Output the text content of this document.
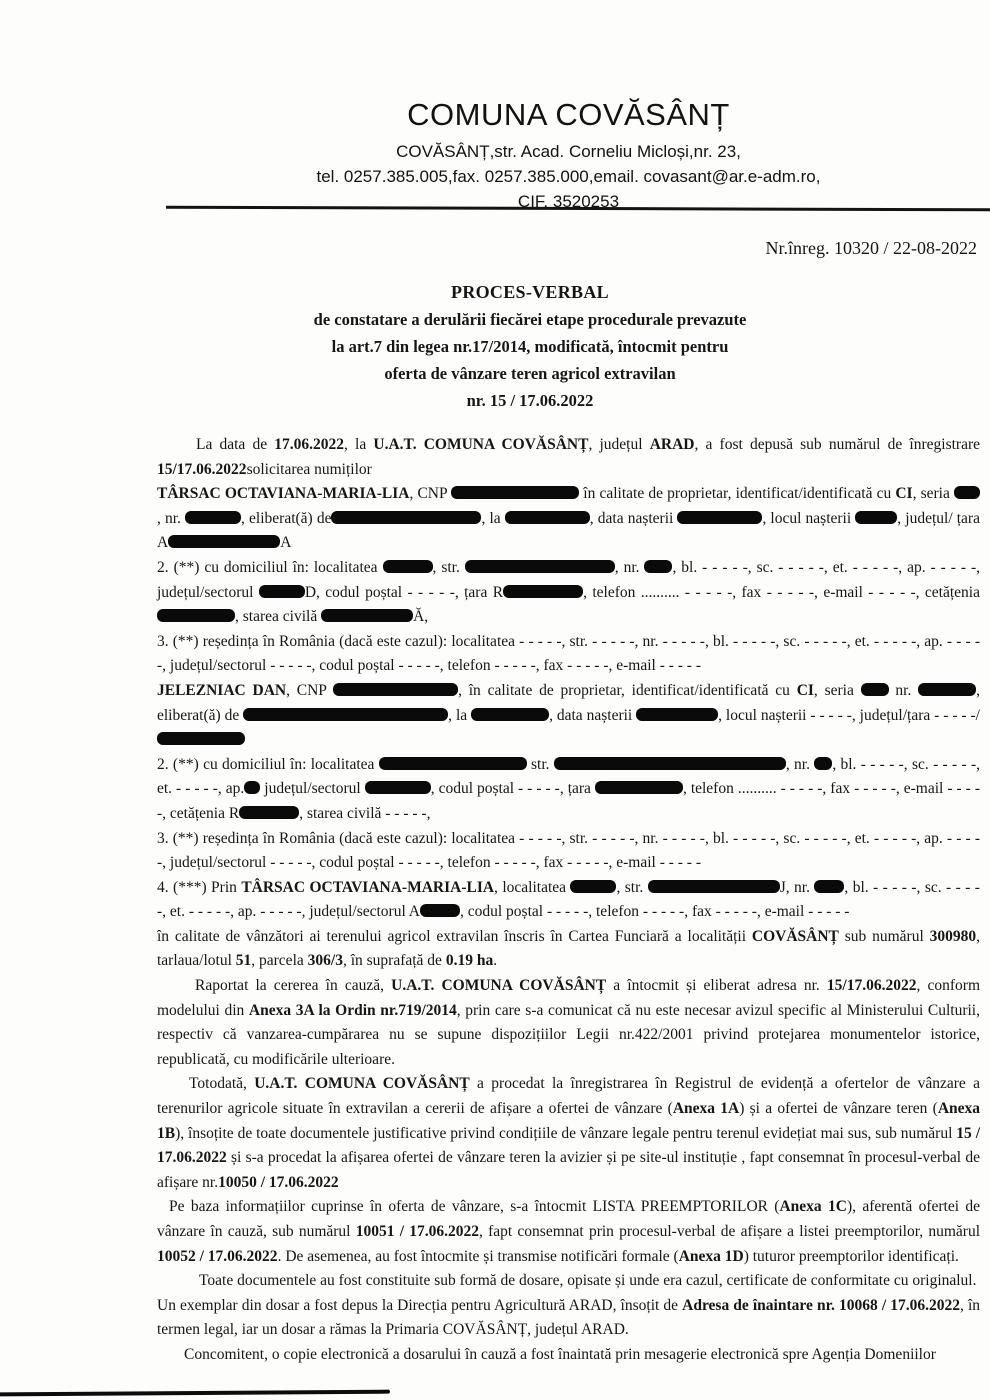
COMUNA COVĂSÂNȚ
COVĂSÂNȚ,str. Acad. Corneliu Micloși,nr. 23,
tel. 0257.385.005,fax. 0257.385.000,email. covasant@ar.e-adm.ro,
CIF. 3520253
Nr.înreg. 10320 / 22-08-2022
PROCES-VERBAL
de constatare a derulării fiecărei etape procedurale prevazute
la art.7 din legea nr.17/2014, modificată, întocmit pentru
oferta de vânzare teren agricol extravilan
nr. 15 / 17.06.2022

La data de 17.06.2022, la U.A.T. COMUNA COVĂSÂNȚ, județul ARAD, a fost depusă sub numărul de înregistrare 15/17.06.2022solicitarea numiților

TÂRSAC OCTAVIANA-MARIA-LIA, CNP	în calitate de proprietar, identificat/identificată cu CI, seria , nr.	, eliberat(ă) de	, la	, data nașterii	, locul nașterii	, județul/ țara A	A

2. (**) cu domiciliul în: localitatea	, str.	, nr. , bl. - - - - -, sc. - - - - -, et. - - - - -, ap. - - - - -, județul/sectorul	D, codul poștal - - - - -, țara R	, telefon .......... - - - - -, fax - - - - -, e-mail - - - - -, cetățenia , starea civilă	Ă,

3. (**) reședința în România (dacă este cazul): localitatea - - - - -, str. - - - - -, nr. - - - - -, bl. - - - - -, sc. - - - - -, et. - - - - -, ap. - - - - -, județul/sectorul - - - - -, codul poștal - - - - -, telefon - - - - -, fax - - - - -, e-mail - - - - -

JELEZNIAC DAN, CNP	, în calitate de proprietar, identificat/identificată cu CI, seria  nr.	, eliberat(ă) de	, la	, data nașterii	, locul nașterii - - - - -, județul/țara - - - - -/

2. (**) cu domiciliul în: localitatea	str.	, nr. , bl. - - - - -, sc. - - - - -, et. - - - - -, ap. județul/sectorul	, codul poștal - - - - -, țara	, telefon .......... - - - - -, fax - - - - -, e-mail - - - - -, cetățenia R	, starea civilă - - - - -,

3. (**) reședința în România (dacă este cazul): localitatea - - - - -, str. - - - - -, nr. - - - - -, bl. - - - - -, sc. - - - - -, et. - - - - -, ap. - - - - -, județul/sectorul - - - - -, codul poștal - - - - -, telefon - - - - -, fax - - - - -, e-mail - - - - -

4. (***) Prin TÂRSAC OCTAVIANA-MARIA-LIA, localitatea	, str.	J, nr. , bl. - - - - -, sc. - - - - -, et. - - - - -, ap. - - - - -, județul/sectorul A	, codul poștal - - - - -, telefon - - - - -, fax - - - - -, e-mail - - - - -

în calitate de vânzători ai terenului agricol extravilan înscris în Cartea Funciară a localității COVĂSÂNȚ sub numărul 300980, tarlaua/lotul 51, parcela 306/3, în suprafață de 0.19 ha.

Raportat la cererea în cauză, U.A.T. COMUNA COVĂSÂNȚ a întocmit și eliberat adresa nr. 15/17.06.2022, conform modelului din Anexa 3A la Ordin nr.719/2014, prin care s-a comunicat că nu este necesar avizul specific al Ministerului Culturii, respectiv că vanzarea-cumpărarea nu se supune dispozițiilor Legii nr.422/2001 privind protejarea monumentelor istorice, republicată, cu modificările ulterioare.

Totodată, U.A.T. COMUNA COVĂSÂNȚ a procedat la înregistrarea în Registrul de evidență a ofertelor de vânzare a terenurilor agricole situate în extravilan a cererii de afișare a ofertei de vânzare (Anexa 1A) și a ofertei de vânzare teren (Anexa 1B), însoțite de toate documentele justificative privind condițiile de vânzare legale pentru terenul evidețiat mai sus, sub numărul 15 / 17.06.2022 și s-a procedat la afișarea ofertei de vânzare teren la avizier și pe site-ul instituție , fapt consemnat în procesul-verbal de afișare nr.10050 / 17.06.2022

Pe baza informațiilor cuprinse în oferta de vânzare, s-a întocmit LISTA PREEMPTORILOR (Anexa 1C), aferentă ofertei de vânzare în cauză, sub numărul 10051 / 17.06.2022, fapt consemnat prin procesul-verbal de afișare a listei preemptorilor, numărul 10052 / 17.06.2022. De asemenea, au fost întocmite și transmise notificări formale (Anexa 1D) tuturor preemptorilor identificați.

Toate documentele au fost constituite sub formă de dosare, opisate și unde era cazul, certificate de conformitate cu originalul.

Un exemplar din dosar a fost depus la Direcția pentru Agricultură ARAD, însoțit de Adresa de înaintare nr. 10068 / 17.06.2022, în termen legal, iar un dosar a rămas la Primaria COVĂSÂNȚ, județul ARAD.

Concomitent, o copie electronică a dosarului în cauză a fost înaintată prin mesagerie electronică spre Agenția Domeniilor
